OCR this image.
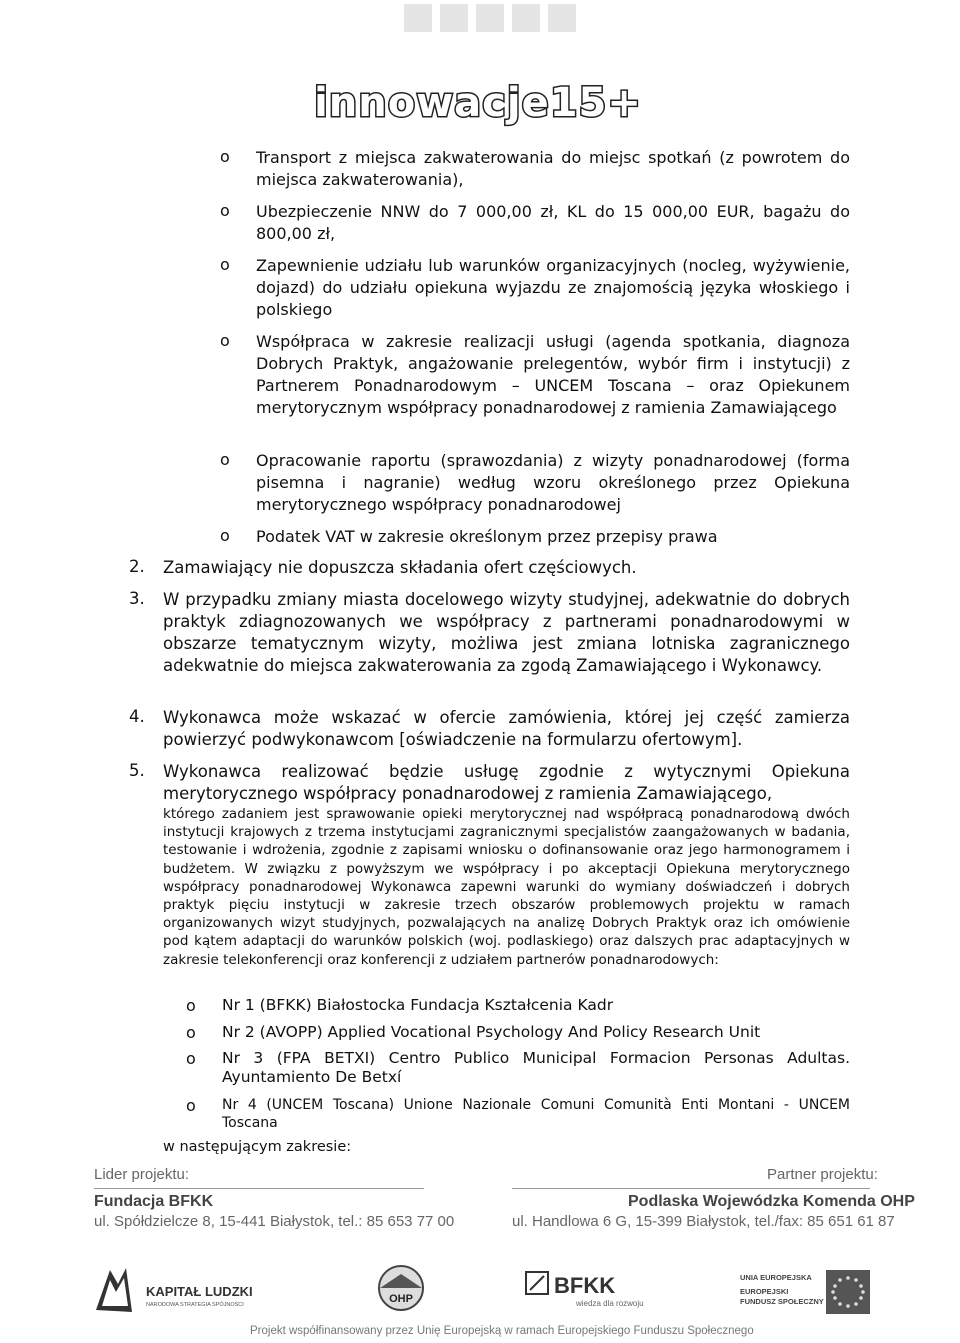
innowacje15+
o Transport z miejsca zakwaterowania do miejsc spotkań (z powrotem do miejsca zakwaterowania),
o Ubezpieczenie NNW do 7 000,00 zł, KL do 15 000,00 EUR, bagażu do 800,00 zł,
o Zapewnienie udziału lub warunków organizacyjnych (nocleg, wyżywienie, dojazd) do udziału opiekuna wyjazdu ze znajomością języka włoskiego i polskiego
o Współpraca w zakresie realizacji usługi (agenda spotkania, diagnoza Dobrych Praktyk, angażowanie prelegentów, wybór firm i instytucji) z Partnerem Ponadnarodowym – UNCEM Toscana – oraz Opiekunem merytorycznym współpracy ponadnarodowej z ramienia Zamawiającego
o Opracowanie raportu (sprawozdania) z wizyty ponadnarodowej (forma pisemna i nagranie) według wzoru określonego przez Opiekuna merytorycznego współpracy ponadnarodowej
o Podatek VAT w zakresie określonym przez przepisy prawa
2. Zamawiający nie dopuszcza składania ofert częściowych.
3. W przypadku zmiany miasta docelowego wizyty studyjnej, adekwatnie do dobrych praktyk zdiagnozowanych we współpracy z partnerami ponadnarodowymi w obszarze tematycznym wizyty, możliwa jest zmiana lotniska zagranicznego adekwatnie do miejsca zakwaterowania za zgodą Zamawiającego i Wykonawcy.
4. Wykonawca może wskazać w ofercie zamówienia, której jej część zamierza powierzyć podwykonawcom [oświadczenie na formularzu ofertowym].
5. Wykonawca realizować będzie usługę zgodnie z wytycznymi Opiekuna merytorycznego współpracy ponadnarodowej z ramienia Zamawiającego,
którego zadaniem jest sprawowanie opieki merytorycznej nad współpracą ponadnarodową dwóch instytucji krajowych z trzema instytucjami zagranicznymi specjalistów zaangażowanych w badania, testowanie i wdrożenia, zgodnie z zapisami wniosku o dofinansowanie oraz jego harmonogramem i budżetem. W związku z powyższym we współpracy i po akceptacji Opiekuna merytorycznego współpracy ponadnarodowej Wykonawca zapewni warunki do wymiany doświadczeń i dobrych praktyk pięciu instytucji w zakresie trzech obszarów problemowych projektu w ramach organizowanych wizyt studyjnych, pozwalających na analizę Dobrych Praktyk oraz ich omówienie pod kątem adaptacji do warunków polskich (woj. podlaskiego) oraz dalszych prac adaptacyjnych w zakresie telekonferencji oraz konferencji z udziałem partnerów ponadnarodowych:
o Nr 1 (BFKK) Białostocka Fundacja Kształcenia Kadr
o Nr 2 (AVOPP) Applied Vocational Psychology And Policy Research Unit
o Nr 3 (FPA BETXI) Centro Publico Municipal Formacion Personas Adultas. Ayuntamiento De Betxí
o Nr 4 (UNCEM Toscana) Unione Nazionale Comuni Comunità Enti Montani - UNCEM Toscana
w następującym zakresie:
Lider projektu:
Fundacja BFKK
ul. Spółdzielcze 8, 15-441 Białystok, tel.: 85 653 77 00
Partner projektu:
Podlaska Wojewódzka Komenda OHP
ul. Handlowa 6 G, 15-399 Białystok, tel./fax: 85 651 61 87
KAPITAŁ LUDZKI
NARODOWA STRATEGIA SPÓJNOŚCI	OHP
BFKK
wiedza dla rozwoju
UNIA EUROPEJSKA
EUROPEJSKI
FUNDUSZ SPOŁECZNY
Projekt współfinansowany przez Unię Europejską w ramach Europejskiego Funduszu Społecznego
